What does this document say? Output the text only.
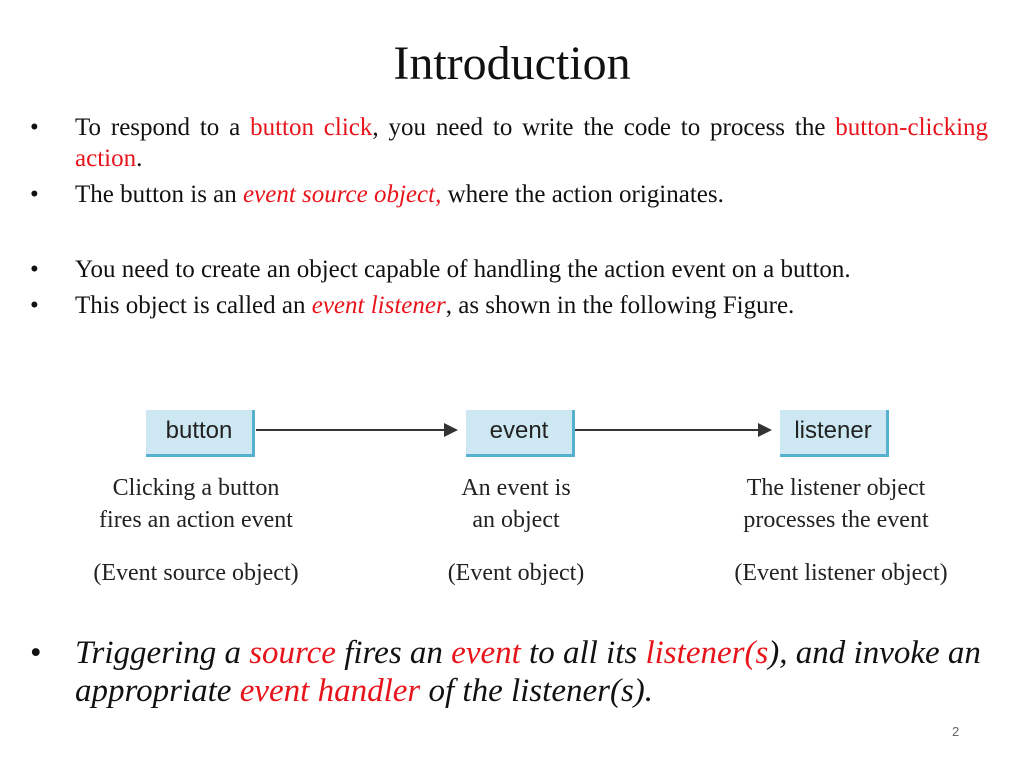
Introduction
• To respond to a button click, you need to write the code to process the button-clicking action.
• The button is an event source object, where the action originates.
• You need to create an object capable of handling the action event on a button.
• This object is called an event listener, as shown in the following Figure.
button	event	listener
Clicking a button
fires an action event
An event is
an object
The listener object
processes the event
(Event source object)	(Event object)	(Event listener object)
•	Triggering a source fires an event to all its listener(s), and invoke an appropriate event handler of the listener(s).
2
